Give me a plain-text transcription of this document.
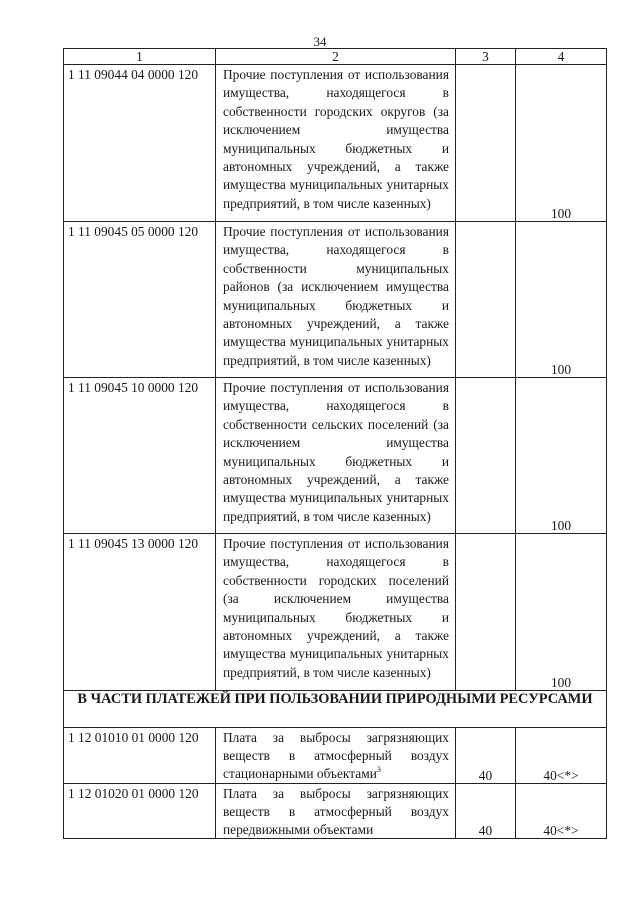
34
1	2	3	4
1 11 09044 04 0000 120	Прочие поступления от использования имущества, находящегося в собственности городских округов (за исключением имущества муниципальных бюджетных и автономных учреждений, а также имущества муниципальных унитарных предприятий, в том числе казенных)		100
1 11 09045 05 0000 120	Прочие поступления от использования имущества, находящегося в собственности муниципальных районов (за исключением имущества муниципальных бюджетных и автономных учреждений, а также имущества муниципальных унитарных предприятий, в том числе казенных)		100
1 11 09045 10 0000 120	Прочие поступления от использования имущества, находящегося в собственности сельских поселений (за исключением имущества муниципальных бюджетных и автономных учреждений, а также имущества муниципальных унитарных предприятий, в том числе казенных)		100
1 11 09045 13 0000 120	Прочие поступления от использования имущества, находящегося в собственности городских поселений (за исключением имущества муниципальных бюджетных и автономных учреждений, а также имущества муниципальных унитарных предприятий, в том числе казенных)		100
В ЧАСТИ ПЛАТЕЖЕЙ ПРИ ПОЛЬЗОВАНИИ ПРИРОДНЫМИ РЕСУРСАМИ			
1 12 01010 01 0000 120	Плата за выбросы загрязняющих веществ в атмосферный воздух стационарными объектами$^3$	40	40<*>
1 12 01020 01 0000 120	Плата за выбросы загрязняющих веществ в атмосферный воздух передвижными объектами	40	40<*>
